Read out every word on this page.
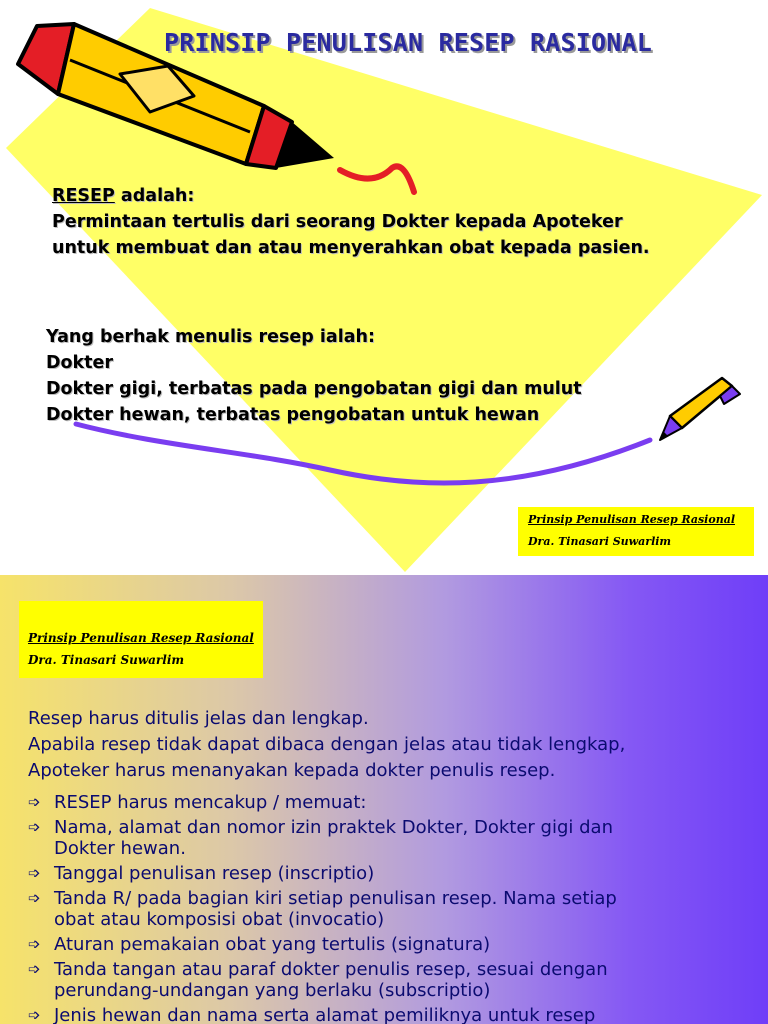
PRINSIP PENULISAN RESEP RASIONAL
RESEP adalah:
Permintaan tertulis dari seorang Dokter kepada Apoteker
untuk membuat dan atau menyerahkan obat kepada pasien.
Yang berhak menulis resep ialah:
Dokter
Dokter gigi, terbatas pada pengobatan gigi dan mulut
Dokter hewan, terbatas pengobatan untuk hewan
Prinsip Penulisan Resep Rasional
Dra. Tinasari Suwarlim
Prinsip Penulisan Resep Rasional
Dra. Tinasari Suwarlim
Resep harus ditulis jelas dan lengkap.
Apabila resep tidak dapat dibaca dengan jelas atau tidak lengkap,
Apoteker harus menanyakan kepada dokter penulis resep.
➩ RESEP harus mencakup / memuat:
➩ Nama, alamat dan nomor izin praktek Dokter, Dokter gigi dan
Dokter hewan.
➩ Tanggal penulisan resep (inscriptio)
➩ Tanda R/ pada bagian kiri setiap penulisan resep. Nama setiap
obat atau komposisi obat (invocatio)
➩ Aturan pemakaian obat yang tertulis (signatura)
➩ Tanda tangan atau paraf dokter penulis resep, sesuai dengan
perundang-undangan yang berlaku (subscriptio)
➩ Jenis hewan dan nama serta alamat pemiliknya untuk resep
